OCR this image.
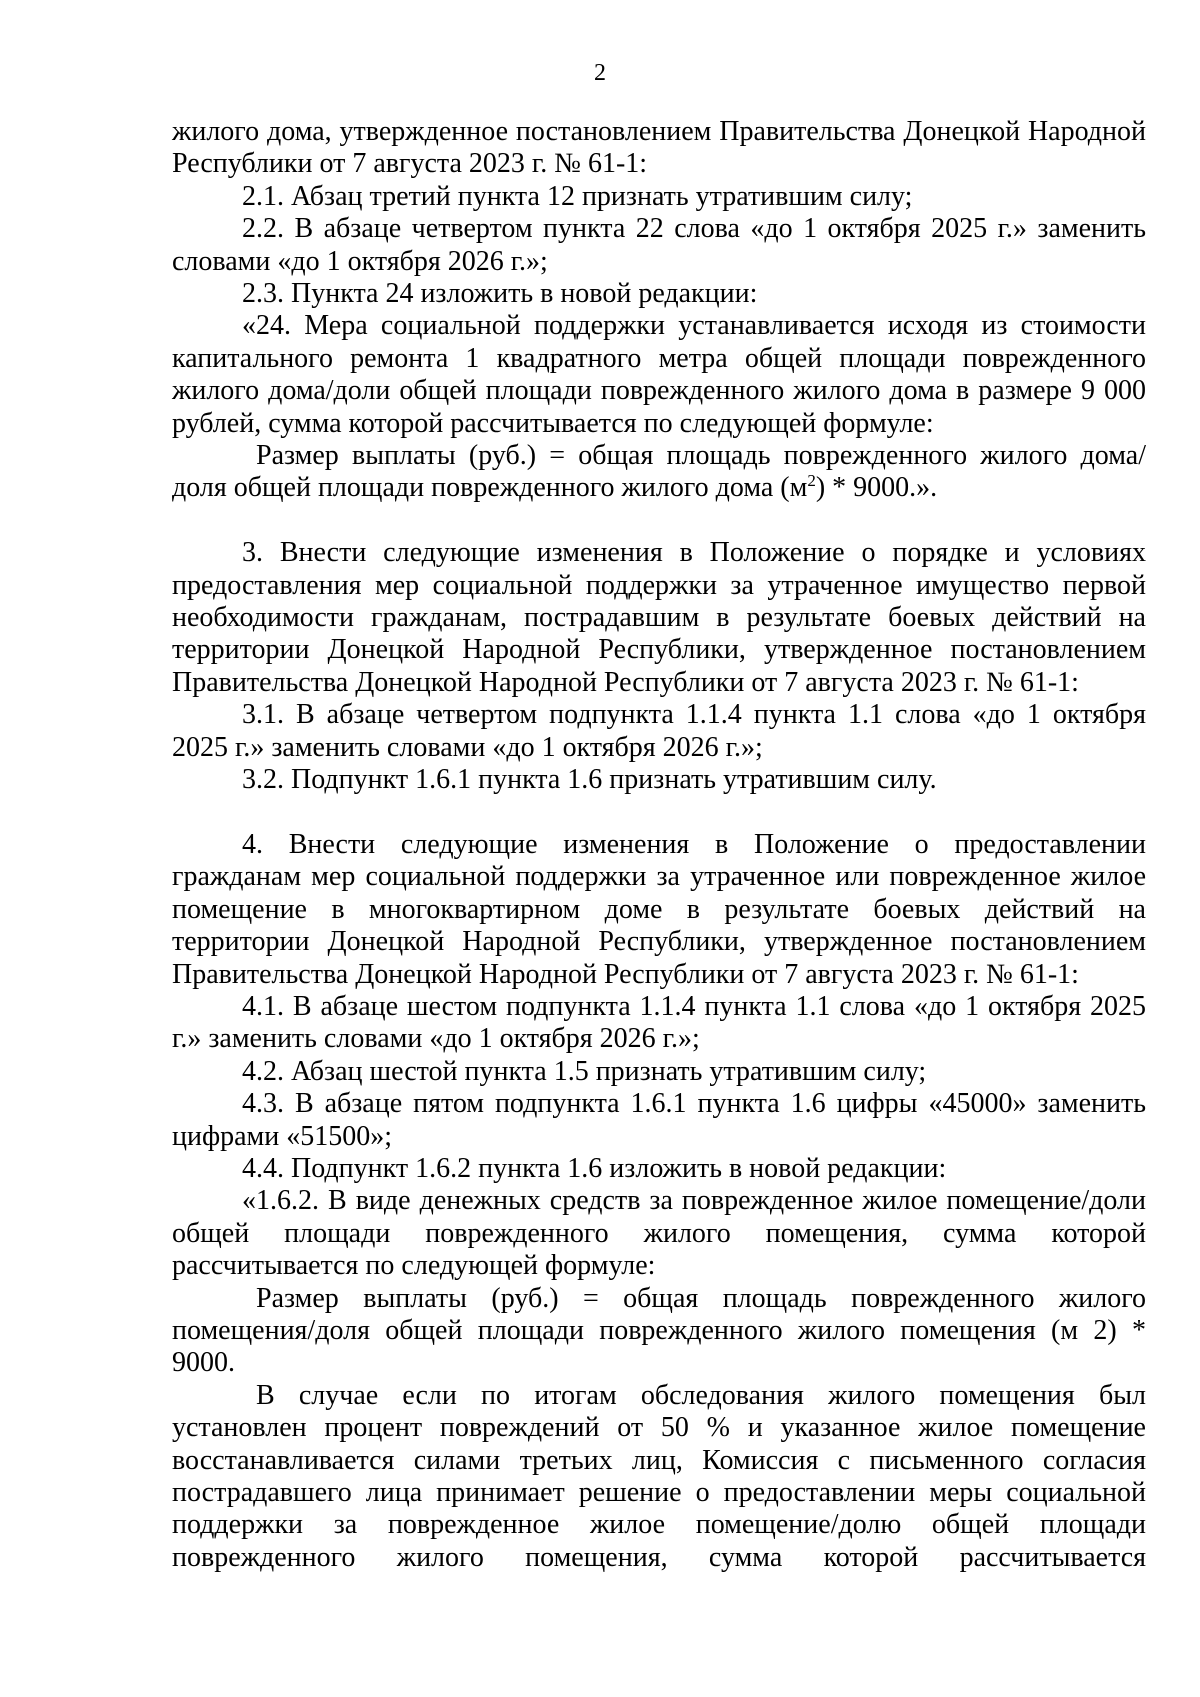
2

жилого дома, утвержденное постановлением Правительства Донецкой Народной Республики от 7 августа 2023 г. № 61-1:

2.1. Абзац третий пункта 12 признать утратившим силу;

2.2. В абзаце четвертом пункта 22 слова «до 1 октября 2025 г.» заменить словами «до 1 октября 2026 г.»;

2.3. Пункта 24 изложить в новой редакции:

«24. Мера социальной поддержки устанавливается исходя из стоимости капитального ремонта 1 квадратного метра общей площади поврежденного жилого дома/доли общей площади поврежденного жилого дома в размере 9 000 рублей, сумма которой рассчитывается по следующей формуле:

Размер выплаты (руб.) = общая площадь поврежденного жилого дома/доля общей площади поврежденного жилого дома $(м^2) * 9000$.».

3. Внести следующие изменения в Положение о порядке и условиях предоставления мер социальной поддержки за утраченное имущество первой необходимости гражданам, пострадавшим в результате боевых действий на территории Донецкой Народной Республики, утвержденное постановлением Правительства Донецкой Народной Республики от 7 августа 2023 г. № 61-1:

3.1. В абзаце четвертом подпункта 1.1.4 пункта 1.1 слова «до 1 октября 2025 г.» заменить словами «до 1 октября 2026 г.»;

3.2. Подпункт 1.6.1 пункта 1.6 признать утратившим силу.

4. Внести следующие изменения в Положение о предоставлении гражданам мер социальной поддержки за утраченное или поврежденное жилое помещение в многоквартирном доме в результате боевых действий на территории Донецкой Народной Республики, утвержденное постановлением Правительства Донецкой Народной Республики от 7 августа 2023 г. № 61-1:

4.1. В абзаце шестом подпункта 1.1.4 пункта 1.1 слова «до 1 октября 2025 г.» заменить словами «до 1 октября 2026 г.»;

4.2. Абзац шестой пункта 1.5 признать утратившим силу;

4.3. В абзаце пятом подпункта 1.6.1 пункта 1.6 цифры «45000» заменить цифрами «51500»;

4.4. Подпункт 1.6.2 пункта 1.6 изложить в новой редакции:

«1.6.2. В виде денежных средств за поврежденное жилое помещение/доли общей площади поврежденного жилого помещения, сумма которой рассчитывается по следующей формуле:

Размер выплаты (руб.) = общая площадь поврежденного жилого помещения/доля общей площади поврежденного жилого помещения (м 2) * 9000.

В случае если по итогам обследования жилого помещения был установлен процент повреждений от 50 % и указанное жилое помещение восстанавливается силами третьих лиц, Комиссия с письменного согласия пострадавшего лица принимает решение о предоставлении меры социальной поддержки за поврежденное жилое помещение/долю общей площади поврежденного жилого помещения, сумма которой рассчитывается
